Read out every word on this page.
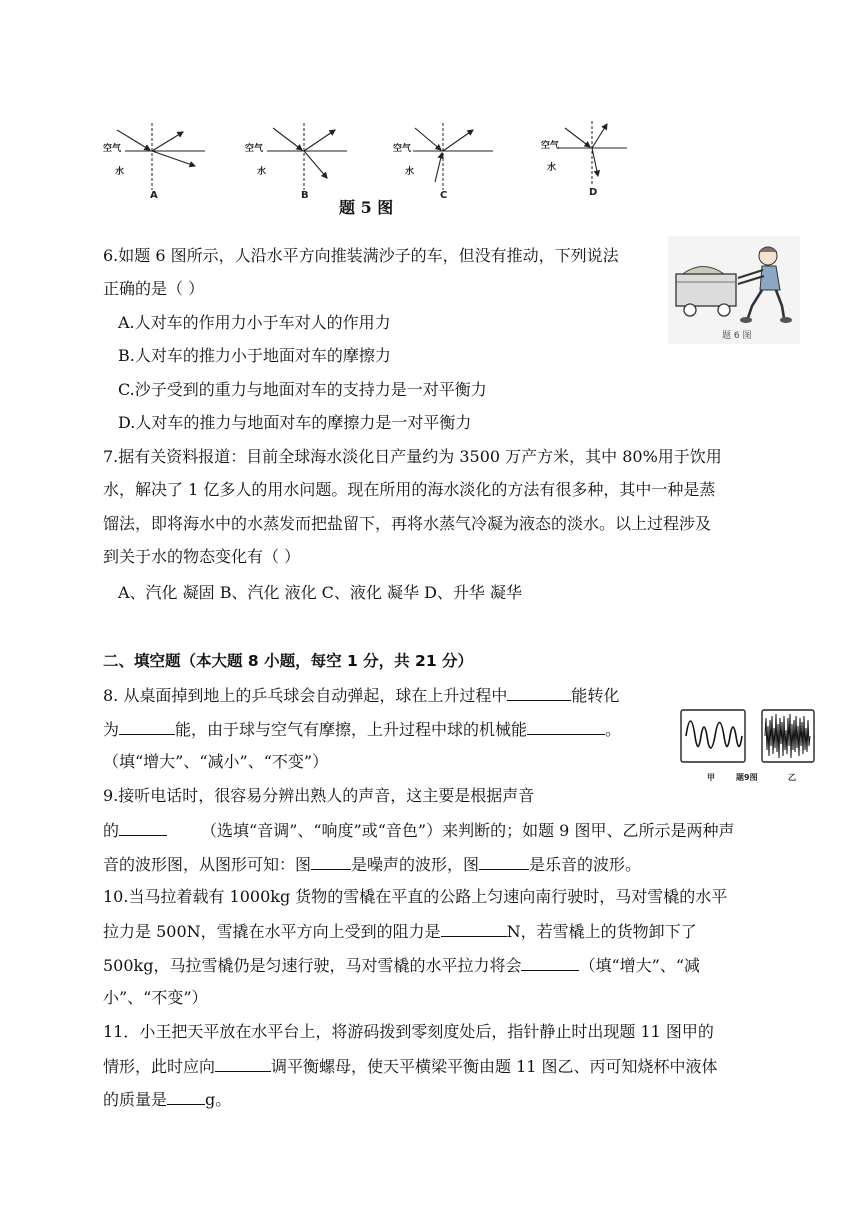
空气
水
A
空气
水
B
空气
水
C
空气
水
D
题 5 图
6.如题 6 图所示，人沿水平方向推装满沙子的车，但没有推动，下列说法
正确的是（ ）
A.人对车的作用力小于车对人的作用力
B.人对车的推力小于地面对车的摩擦力
C.沙子受到的重力与地面对车的支持力是一对平衡力
D.人对车的推力与地面对车的摩擦力是一对平衡力
题 6 图
7.据有关资料报道：目前全球海水淡化日产量约为 3500 万产方米，其中 80%用于饮用
水，解决了 1 亿多人的用水问题。现在所用的海水淡化的方法有很多种，其中一种是蒸
馏法，即将海水中的水蒸发而把盐留下，再将水蒸气冷凝为液态的淡水。以上过程涉及
到关于水的物态变化有（ ）
A、汽化 凝固 B、汽化 液化 C、液化 凝华 D、升华 凝华
二、填空题（本大题 8 小题，每空 1 分，共 21 分）
8. 从桌面掉到地上的乒乓球会自动弹起，球在上升过程中	能转化
为	能，由于球与空气有摩擦，上升过程中球的机械能	。
（填“增大”、“减小”、“不变”）
甲	题9图	乙
9.接听电话时，很容易分辨出熟人的声音，这主要是根据声音
的	（选填“音调”、“响度”或“音色”）来判断的；如题 9 图甲、乙所示是两种声
音的波形图，从图形可知：图	是噪声的波形，图	是乐音的波形。
10.当马拉着载有 1000kg 货物的雪橇在平直的公路上匀速向南行驶时，马对雪橇的水平
拉力是 500N，雪撬在水平方向上受到的阻力是	N，若雪橇上的货物卸下了
500kg，马拉雪橇仍是匀速行驶，马对雪橇的水平拉力将会	（填“增大”、“减
小”、“不变”）
11．小王把天平放在水平台上，将游码拨到零刻度处后，指针静止时出现题 11 图甲的
情形，此时应向	调平衡螺母，使天平横梁平衡由题 11 图乙、丙可知烧杯中液体
的质量是 g。
